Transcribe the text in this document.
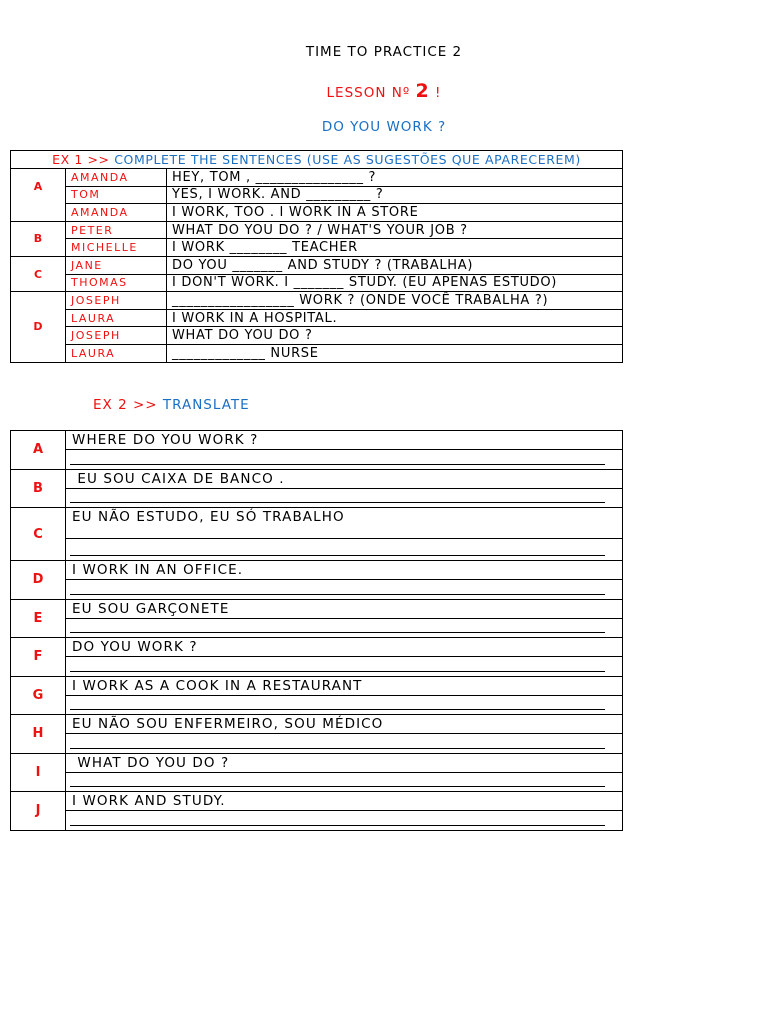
TIME TO PRACTICE 2
LESSON Nº 2 !
DO YOU WORK ?
EX 1 >> COMPLETE THE SENTENCES (USE AS SUGESTÕES QUE APARECEREM)		
A	AMANDA	HEY, TOM , _______________ ?
	TOM	YES, I WORK. AND _________ ?
	AMANDA	I WORK, TOO . I WORK IN A STORE
B	PETER	WHAT DO YOU DO ? / WHAT'S YOUR JOB ?
	MICHELLE	I WORK ________ TEACHER
C	JANE	DO YOU _______ AND STUDY ? (TRABALHA)
	THOMAS	I DON'T WORK. I _______ STUDY. (EU APENAS ESTUDO)
D	JOSEPH	_________________ WORK ? (ONDE VOCÊ TRABALHA ?)
	LAURA	I WORK IN A HOSPITAL.
	JOSEPH	WHAT DO YOU DO ?
	LAURA	_____________ NURSE
EX 2 >> TRANSLATE
A	WHERE DO YOU WORK ?

B	EU SOU CAIXA DE BANCO .

C	EU NÃO ESTUDO, EU SÓ TRABALHO

D	I WORK IN AN OFFICE.

E	EU SOU GARÇONETE

F	DO YOU WORK ?

G	I WORK AS A COOK IN A RESTAURANT

H	EU NÃO SOU ENFERMEIRO, SOU MÉDICO

I	WHAT DO YOU DO ?

J	I WORK AND STUDY.
